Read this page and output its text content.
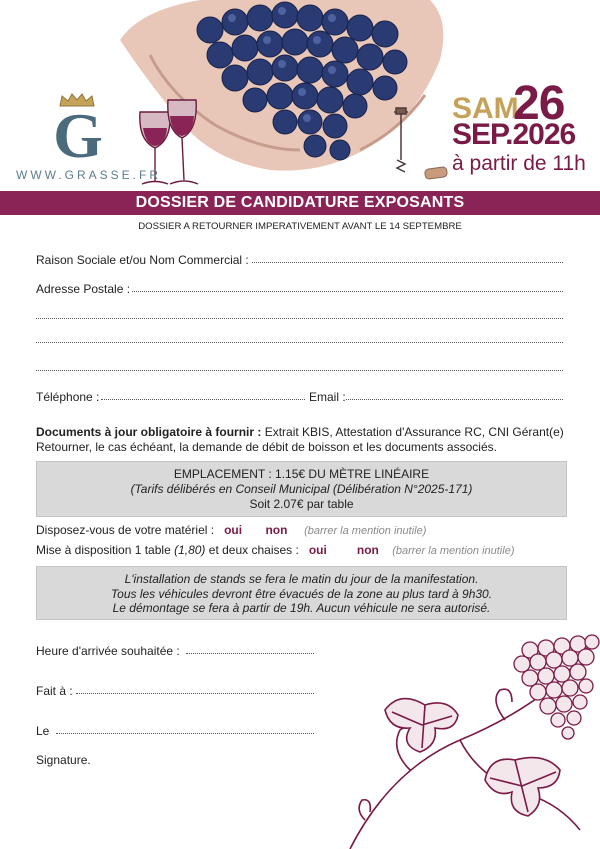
G
WWW.GRASSE.FR
SAM
26
SEP.2026
à partir de 11h
DOSSIER DE CANDIDATURE EXPOSANTS
DOSSIER A RETOURNER IMPERATIVEMENT AVANT LE 14 SEPTEMBRE
Raison Sociale et/ou Nom Commercial :
Adresse Postale :
Téléphone :	Email :
Documents à jour obligatoire à fournir : Extrait KBIS, Attestation d'Assurance RC, CNI Gérant(e)
Retourner, le cas échéant, la demande de débit de boisson et les documents associés.
EMPLACEMENT : 1.15€ DU MÈTRE LINÉAIRE
(Tarifs délibérés en Conseil Municipal (Délibération N°2025-171)
Soit 2.07€ par table
Disposez-vous de votre matériel : oui non (barrer la mention inutile)
Mise à disposition 1 table (1,80) et deux chaises : oui	non (barrer la mention inutile)
L'installation de stands se fera le matin du jour de la manifestation.
Tous les véhicules devront être évacués de la zone au plus tard à 9h30.
Le démontage se fera à partir de 19h. Aucun véhicule ne sera autorisé.
Heure d'arrivée souhaitée :
Fait à :
Le
Signature.
